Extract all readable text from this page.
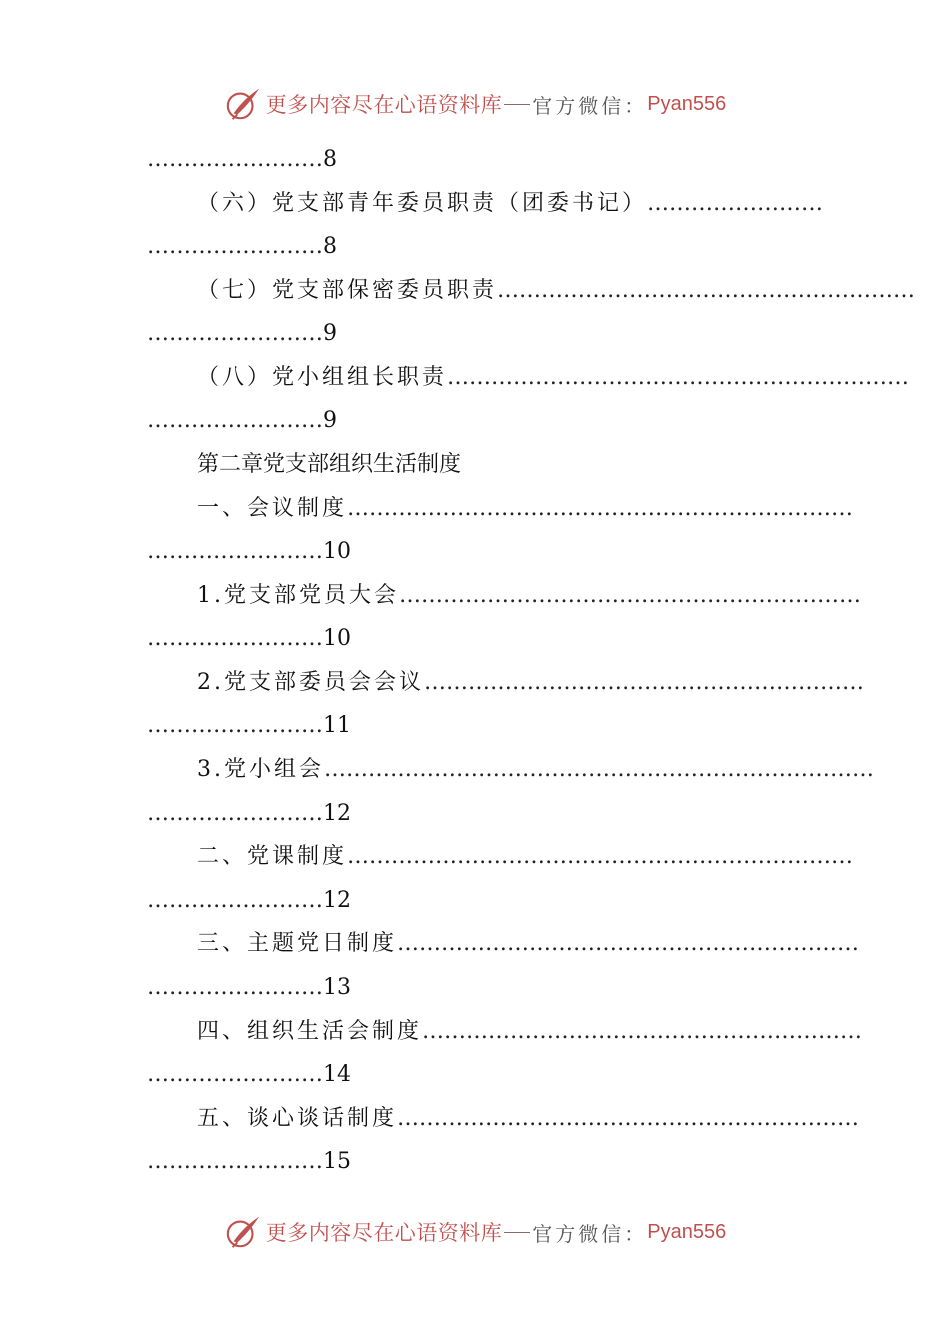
更多内容尽在心语资料库 官方微信： Pyan556
……………………8
（六）党支部青年委员职责（团委书记）……………………
……………………8
（七）党支部保密委员职责…………………………………………………
……………………9
（八）党小组组长职责………………………………………………………
……………………9
第二章党支部组织生活制度
一、会议制度……………………………………………………………
……………………10
1.党支部党员大会………………………………………………………
……………………10
2.党支部委员会会议……………………………………………………
……………………11
3.党小组会…………………………………………………………………
……………………12
二、党课制度……………………………………………………………
……………………12
三、主题党日制度………………………………………………………
……………………13
四、组织生活会制度……………………………………………………
……………………14
五、谈心谈话制度………………………………………………………
……………………15
更多内容尽在心语资料库 官方微信： Pyan556
